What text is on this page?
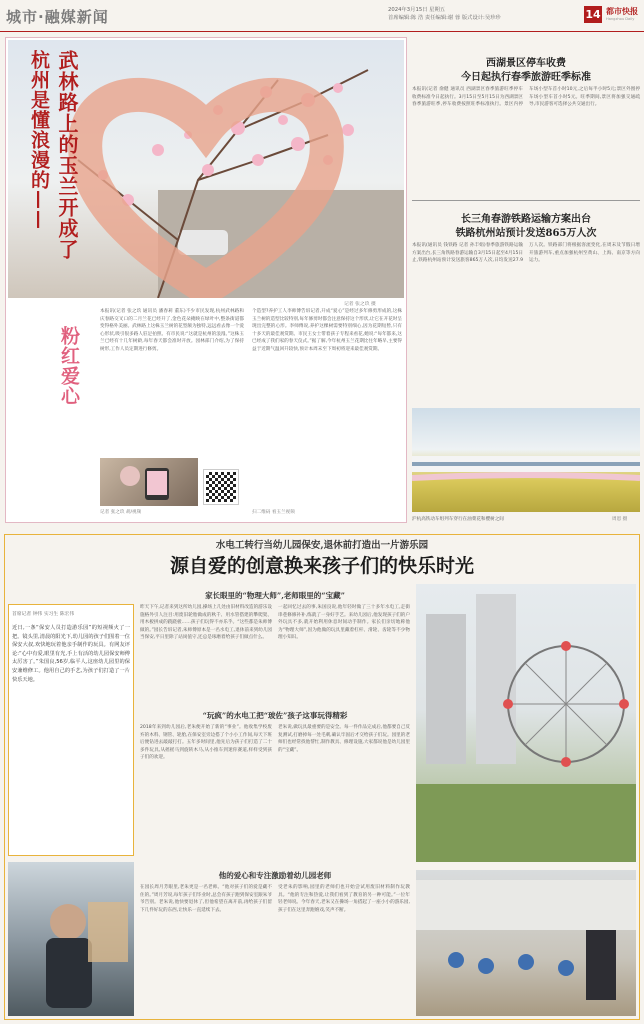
城市·融媒新闻	2024年3月15日 星期五
首席编辑:陈 浩 责任编辑:谢 蓉 版式设计:吴珍珍	14 都市快报
Hangzhou Daily
武林路上的玉兰开成了
杭州是懂浪漫的——
粉红爱心
记者 张之玖 摄
本报讯(记者 张之玖 通讯员 潘春莉 董东)不少市民发现,杭州武林路和庆春路交叉口的二月兰花已经开了,金色花朵掩映在绿叶中,整条街道都变得格外美丽。武林路上这株玉兰树的花型颇为独特,远远看去像一个爱心形状,吸引很多路人驻足拍照。有市民说:“这就是杭州的浪漫。”这株玉兰已经有十几年树龄,每年春天都会准时开放。园林部门介绍,为了保持树形,工作人员定期进行修剪。
个造型?养护工人李师傅告诉记者,开成“爱心”是经过多年修剪形成的,这株玉兰树的造型比较特别,每年修剪时都会注意保持这个形状,让它在开花时呈现出完整的心形。李师傅说,养护这棵树需要特别细心,因为花期短暂,只有十多天的最佳观赏期。市民王女士带着孩子专程来看花,她说:“每年都来,这已经成了我们家的春天仪式。”据了解,今年杭州玉兰花期比往年略早,主要得益于近期气温回升较快,预计本周末至下周初将迎来最佳观赏期。
记者 张之玖 胡/视频	扫二维码 看玉兰视频
西湖景区停车收费
今日起执行春季旅游旺季标准
本报讯(记者 俞健 通讯员 西湖景区春季旅游旺季停车收费标准今日起执行。3月15日至5月15日为西湖景区春季旅游旺季,停车收费按照旺季标准执行。景区内停车场小型车首小时10元,之后每半小时5元;景区外围停车场小型车首小时5元。旺季期间,景区将加强交通疏导,市民游客可选择公共交通出行。
长三角春游铁路运输方案出台
铁路杭州站预计发送865万人次
本报讯(通讯员 钱铁路 记者 孙丰娟)春季旅游铁路运输方案出台,长三角铁路春游运输自3月15日起至4月15日止,铁路杭州站预计发送旅客865万人次,日均发送27.9万人次。铁路部门将根据客流变化,在周末及节假日增开旅游列车,重点加强杭州至黄山、上海、南京等方向运力。
沪杭高铁动车组列车穿行在油菜花和樱树之间	周恩 摄
水电工转行当幼儿园保安,退休前打造出一片游乐园
源自爱的创意换来孩子们的快乐时光
首席记者 钟伟 实习生 陈宏伟
近日,一条“保安人员打造游乐园”的短视频火了一把。镜头里,清晨的阳光下,幼儿园的孩子们围着一位保安大叔,欢快地玩着他亲手制作的玩具。有网友评论:“心中有爱,眼里有光,手上有活的幼儿园保安师傅太厉害了。”朱国良,56岁,临平人,这座幼儿园里的保安兼维修工。他用自己的手艺,为孩子们打造了一片快乐天地。
家长眼里的“物理大师”,老师眼里的“宝藏”
昨天下午,记者来到这所幼儿园,操场上几处由旧材料改造的游乐设施格外引人注目:用废旧轮胎做成的秋千、用水管搭建的攀爬架、用木板拼成的跷跷板……孩子们玩得不亦乐乎。“这些都是朱师傅做的。”园长告诉记者,朱师傅原本是一名水电工,退休前来到幼儿园当保安,平日里除了站岗值守,还总是琢磨着给孩子们做点什么。
一起回忆过去的事,朱国良说,他年轻时做了三十多年水电工,走街串巷修修补补,练就了一身好手艺。来幼儿园后,他发现孩子们的户外玩具不多,就开始利用休息时间动手制作。家长们亲切地称他为“物理大师”,因为他做的玩具里藏着杠杆、滑轮、齿轮等不少物理小知识。
“玩疯”的水电工把“玻佐”孩子这事玩得精彩
2018年来到幼儿园后,老朱便开始了新的“事业”。他收集学校废弃的木料、钢管、轮胎,在保安室旁边搭了个小小工作间,每天下班后便钻进去敲敲打打。五年多时间里,他先后为孩子们打造了二十多件玩具,从摇摇马到旋转木马,从小推车到迷你赛道,样样受到孩子们的欢迎。
老朱说,做玩具最重要的是安全。每一件作品完成后,他都要自己反复测试,打磨掉每一处毛刺,确认牢固后才交给孩子们玩。园里的老师们也经常找他帮忙,制作教具、修理设施,大家都说他是幼儿园里的“宝藏”。
他的爱心和专注激励着幼儿园老师
在园长周月芳眼里,老朱更是一名老师。“他对孩子们的爱是藏不住的。”周月芳说,每年孩子们毕业时,总会有孩子跑到保安室跟朱爷爷告别。老朱说,他快要退休了,但他希望在离开前,再给孩子们留下几件好玩的东西,让快乐一直延续下去。
受老朱的影响,园里的老师们也开始尝试用废旧材料制作玩教具。“他的专注和热爱,让我们看到了教育的另一种可能。”一位年轻老师说。今年春天,老朱又在操场一角搭起了一座小小的游乐园,孩子们在这里奔跑嬉戏,笑声不断。
